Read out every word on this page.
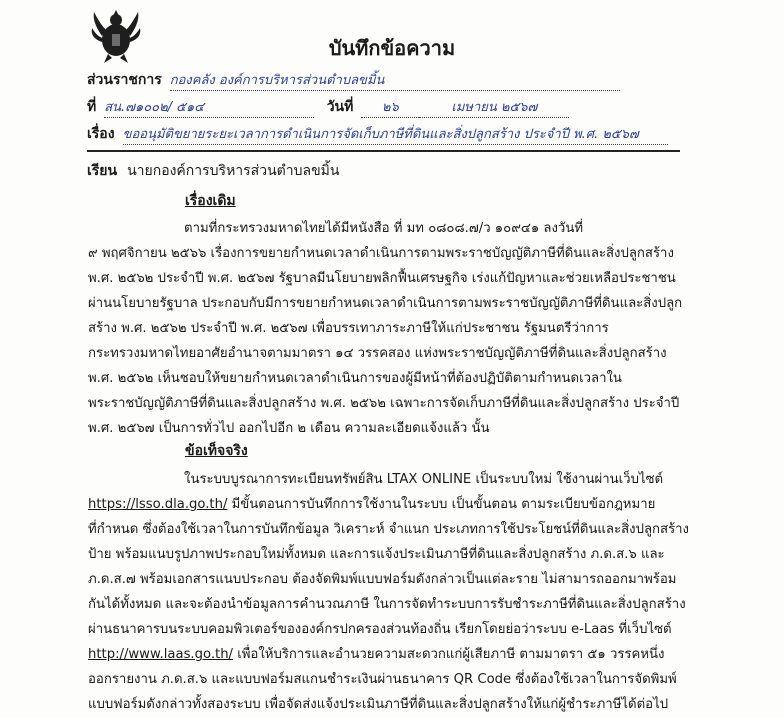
บันทึกข้อความ
ส่วนราชการ กองคลัง องค์การบริหารส่วนตำบลขมิ้น
ที่ สน.๗๑๐๐๒/ ๕๑๔	วันที่ ๒๖	เมษายน ๒๕๖๗
เรื่อง ขออนุมัติขยายระยะเวลาการดำเนินการจัดเก็บภาษีที่ดินและสิ่งปลูกสร้าง ประจำปี พ.ศ. ๒๕๖๗
เรียน นายกองค์การบริหารส่วนตำบลขมิ้น
เรื่องเดิม
ตามที่กระทรวงมหาดไทยได้มีหนังสือ ที่ มท ๐๘๐๘.๗/ว ๑๐๙๔๑ ลงวันที่
๙ พฤศจิกายน ๒๕๖๖ เรื่องการขยายกำหนดเวลาดำเนินการตามพระราชบัญญัติภาษีที่ดินและสิ่งปลูกสร้าง
พ.ศ. ๒๕๖๒ ประจำปี พ.ศ. ๒๕๖๗ รัฐบาลมีนโยบายพลิกฟื้นเศรษฐกิจ เร่งแก้ปัญหาและช่วยเหลือประชาชน
ผ่านนโยบายรัฐบาล ประกอบกับมีการขยายกำหนดเวลาดำเนินการตามพระราชบัญญัติภาษีที่ดินและสิ่งปลูก
สร้าง พ.ศ. ๒๕๖๒ ประจำปี พ.ศ. ๒๕๖๗ เพื่อบรรเทาภาระภาษีให้แก่ประชาชน รัฐมนตรีว่าการ
กระทรวงมหาดไทยอาศัยอำนาจตามมาตรา ๑๔ วรรคสอง แห่งพระราชบัญญัติภาษีที่ดินและสิ่งปลูกสร้าง
พ.ศ. ๒๕๖๒ เห็นชอบให้ขยายกำหนดเวลาดำเนินการของผู้มีหน้าที่ต้องปฏิบัติตามกำหนดเวลาใน
พระราชบัญญัติภาษีที่ดินและสิ่งปลูกสร้าง พ.ศ. ๒๕๖๒ เฉพาะการจัดเก็บภาษีที่ดินและสิ่งปลูกสร้าง ประจำปี
พ.ศ. ๒๕๖๗ เป็นการทั่วไป ออกไปอีก ๒ เดือน ความละเอียดแจ้งแล้ว นั้น
ข้อเท็จจริง
ในระบบบูรณาการทะเบียนทรัพย์สิน LTAX ONLINE เป็นระบบใหม่ ใช้งานผ่านเว็บไซต์
https://lsso.dla.go.th/ มีขั้นตอนการบันทึกการใช้งานในระบบ เป็นขั้นตอน ตามระเบียบข้อกฎหมาย
ที่กำหนด ซึ่งต้องใช้เวลาในการบันทึกข้อมูล วิเคราะห์ จำแนก ประเภทการใช้ประโยชน์ที่ดินและสิ่งปลูกสร้าง
ป้าย พร้อมแนบรูปภาพประกอบใหม่ทั้งหมด และการแจ้งประเมินภาษีที่ดินและสิ่งปลูกสร้าง ภ.ด.ส.๖ และ
ภ.ด.ส.๗ พร้อมเอกสารแนบประกอบ ต้องจัดพิมพ์แบบฟอร์มดังกล่าวเป็นแต่ละราย ไม่สามารถออกมาพร้อม
กันได้ทั้งหมด และจะต้องนำข้อมูลการคำนวณภาษี ในการจัดทำระบบการรับชำระภาษีที่ดินและสิ่งปลูกสร้าง
ผ่านธนาคารบนระบบคอมพิวเตอร์ขององค์กรปกครองส่วนท้องถิ่น เรียกโดยย่อว่าระบบ e-Laas ที่เว็บไซต์
http://www.laas.go.th/ เพื่อให้บริการและอำนวยความสะดวกแก่ผู้เสียภาษี ตามมาตรา ๕๑ วรรคหนึ่ง
ออกรายงาน ภ.ด.ส.๖ และแบบฟอร์มสแกนชำระเงินผ่านธนาคาร QR Code ซึ่งต้องใช้เวลาในการจัดพิมพ์
แบบฟอร์มดังกล่าวทั้งสองระบบ เพื่อจัดส่งแจ้งประเมินภาษีที่ดินและสิ่งปลูกสร้างให้แก่ผู้ชำระภาษีได้ต่อไป
